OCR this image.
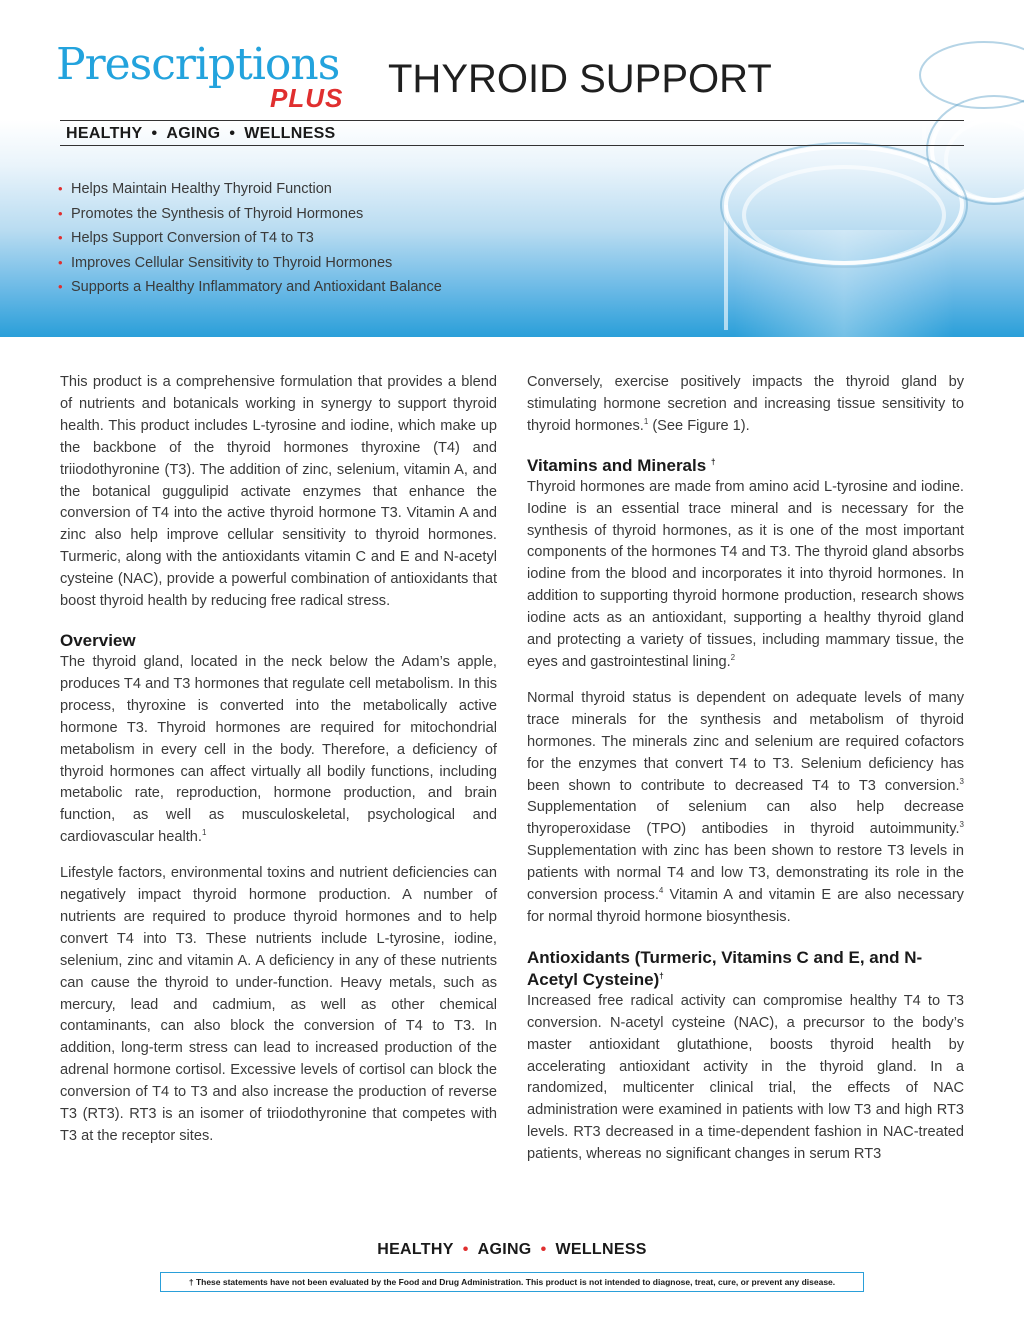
Prescriptions
PLUS THYROID SUPPORT
HEALTHY • AGING • WELLNESS
• Helps Maintain Healthy Thyroid Function
• Promotes the Synthesis of Thyroid Hormones
• Helps Support Conversion of T4 to T3
• Improves Cellular Sensitivity to Thyroid Hormones
• Supports a Healthy Inflammatory and Antioxidant Balance

This product is a comprehensive formulation that provides a blend of nutrients and botanicals working in synergy to support thyroid health. This product includes L-tyrosine and iodine, which make up the backbone of the thyroid hormones thyroxine (T4) and triiodothyronine (T3). The addition of zinc, selenium, vitamin A, and the botanical guggulipid activate enzymes that enhance the conversion of T4 into the active thyroid hormone T3. Vitamin A and zinc also help improve cellular sensitivity to thyroid hormones. Turmeric, along with the antioxidants vitamin C and E and N-acetyl cysteine (NAC), provide a powerful combination of antioxidants that boost thyroid health by reducing free radical stress.

Overview

The thyroid gland, located in the neck below the Adam’s apple, produces T4 and T3 hormones that regulate cell metabolism. In this process, thyroxine is converted into the metabolically active hormone T3. Thyroid hormones are required for mitochondrial metabolism in every cell in the body. Therefore, a deficiency of thyroid hormones can affect virtually all bodily functions, including metabolic rate, reproduction, hormone production, and brain function, as well as musculoskeletal, psychological and cardiovascular health.$^1$

Lifestyle factors, environmental toxins and nutrient deficiencies can negatively impact thyroid hormone production. A number of nutrients are required to produce thyroid hormones and to help convert T4 into T3. These nutrients include L-tyrosine, iodine, selenium, zinc and vitamin A. A deficiency in any of these nutrients can cause the thyroid to under-function. Heavy metals, such as mercury, lead and cadmium, as well as other chemical contaminants, can also block the conversion of T4 to T3. In addition, long-term stress can lead to increased production of the adrenal hormone cortisol. Excessive levels of cortisol can block the conversion of T4 to T3 and also increase the production of reverse T3 (RT3). RT3 is an isomer of triiodothyronine that competes with T3 at the receptor sites.

Conversely, exercise positively impacts the thyroid gland by stimulating hormone secretion and increasing tissue sensitivity to thyroid hormones.$^1$ (See Figure 1).

Vitamins and Minerals †

Thyroid hormones are made from amino acid L-tyrosine and iodine. Iodine is an essential trace mineral and is necessary for the synthesis of thyroid hormones, as it is one of the most important components of the hormones T4 and T3. The thyroid gland absorbs iodine from the blood and incorporates it into thyroid hormones. In addition to supporting thyroid hormone production, research shows iodine acts as an antioxidant, supporting a healthy thyroid gland and protecting a variety of tissues, including mammary tissue, the eyes and gastrointestinal lining.$^2$

Normal thyroid status is dependent on adequate levels of many trace minerals for the synthesis and metabolism of thyroid hormones. The minerals zinc and selenium are required cofactors for the enzymes that convert T4 to T3. Selenium deficiency has been shown to contribute to decreased T4 to T3 conversion.$^3$ Supplementation of selenium can also help decrease thyroperoxidase (TPO) antibodies in thyroid autoimmunity.$^3$ Supplementation with zinc has been shown to restore T3 levels in patients with normal T4 and low T3, demonstrating its role in the conversion process.$^4$ Vitamin A and vitamin E are also necessary for normal thyroid hormone biosynthesis.

Antioxidants (Turmeric, Vitamins C and E, and N-Acetyl Cysteine)†

Increased free radical activity can compromise healthy T4 to T3 conversion. N-acetyl cysteine (NAC), a precursor to the body’s master antioxidant glutathione, boosts thyroid health by accelerating antioxidant activity in the thyroid gland. In a randomized, multicenter clinical trial, the effects of NAC administration were examined in patients with low T3 and high RT3 levels. RT3 decreased in a time-dependent fashion in NAC-treated patients, whereas no significant changes in serum RT3

HEALTHY • AGING • WELLNESS
† These statements have not been evaluated by the Food and Drug Administration. This product is not intended to diagnose, treat, cure, or prevent any disease.
